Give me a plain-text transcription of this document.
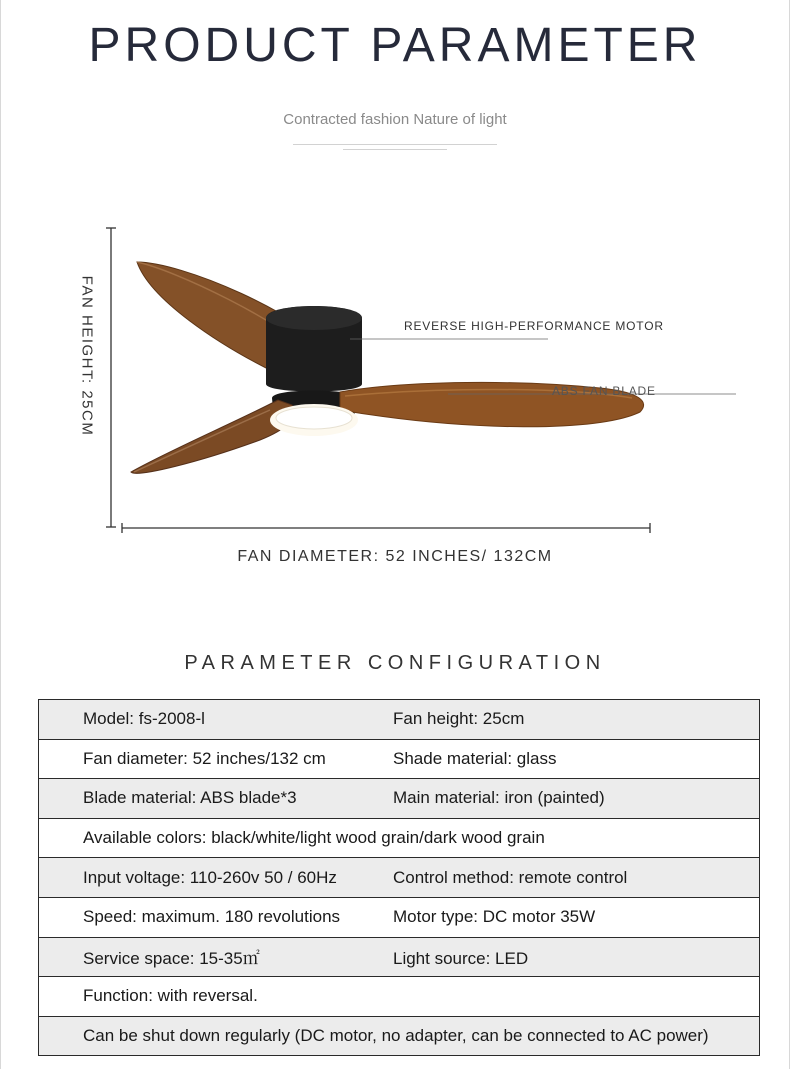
PRODUCT PARAMETER
Contracted fashion Nature of light
REVERSE HIGH-PERFORMANCE MOTOR
ABS FAN BLADE
FAN HEIGHT: 25CM
FAN DIAMETER: 52 INCHES/ 132CM
PARAMETER CONFIGURATION
Model: fs-2008-l	Fan height: 25cm
Fan diameter: 52 inches/132 cm	Shade material: glass
Blade material: ABS blade*3	Main material: iron (painted)
Available colors: black/white/light wood grain/dark wood grain
Input voltage: 110-260v 50 / 60Hz	Control method: remote control
Speed: maximum. 180 revolutions	Motor type: DC motor 35W
Service space: 15-35㎡	Light source: LED
Function: with reversal.
Can be shut down regularly (DC motor, no adapter, can be connected to AC power)
